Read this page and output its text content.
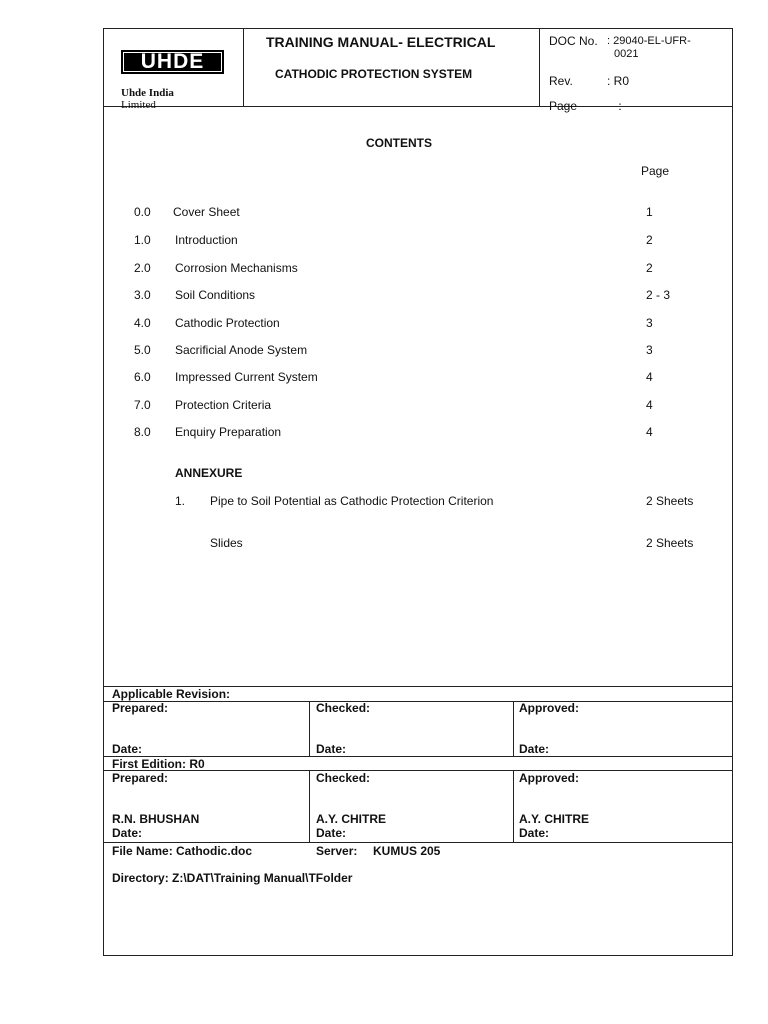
UHDE
Uhde India
Limited
TRAINING MANUAL- ELECTRICAL
CATHODIC PROTECTION SYSTEM
DOC No. : 29040-EL-UFR-
0021
Rev.	: R0
Page	:
CONTENTS
Page
0.0 Cover Sheet	1
1.0 Introduction	2
2.0 Corrosion Mechanisms	2
3.0 Soil Conditions	2 - 3
4.0 Cathodic Protection	3
5.0 Sacrificial Anode System	3
6.0 Impressed Current System	4
7.0 Protection Criteria	4
8.0 Enquiry Preparation	4
ANNEXURE
1. Pipe to Soil Potential as Cathodic Protection Criterion	2 Sheets
Slides	2 Sheets
Applicable Revision:
Prepared:	Checked:	Approved:
Date:	Date:	Date:
First Edition: R0
Prepared:	Checked:	Approved:
R.N. BHUSHAN	A.Y. CHITRE	A.Y. CHITRE
Date:	Date:	Date:
File Name: Cathodic.doc	Server: KUMUS 205
Directory: Z:\DAT\Training Manual\TFolder
